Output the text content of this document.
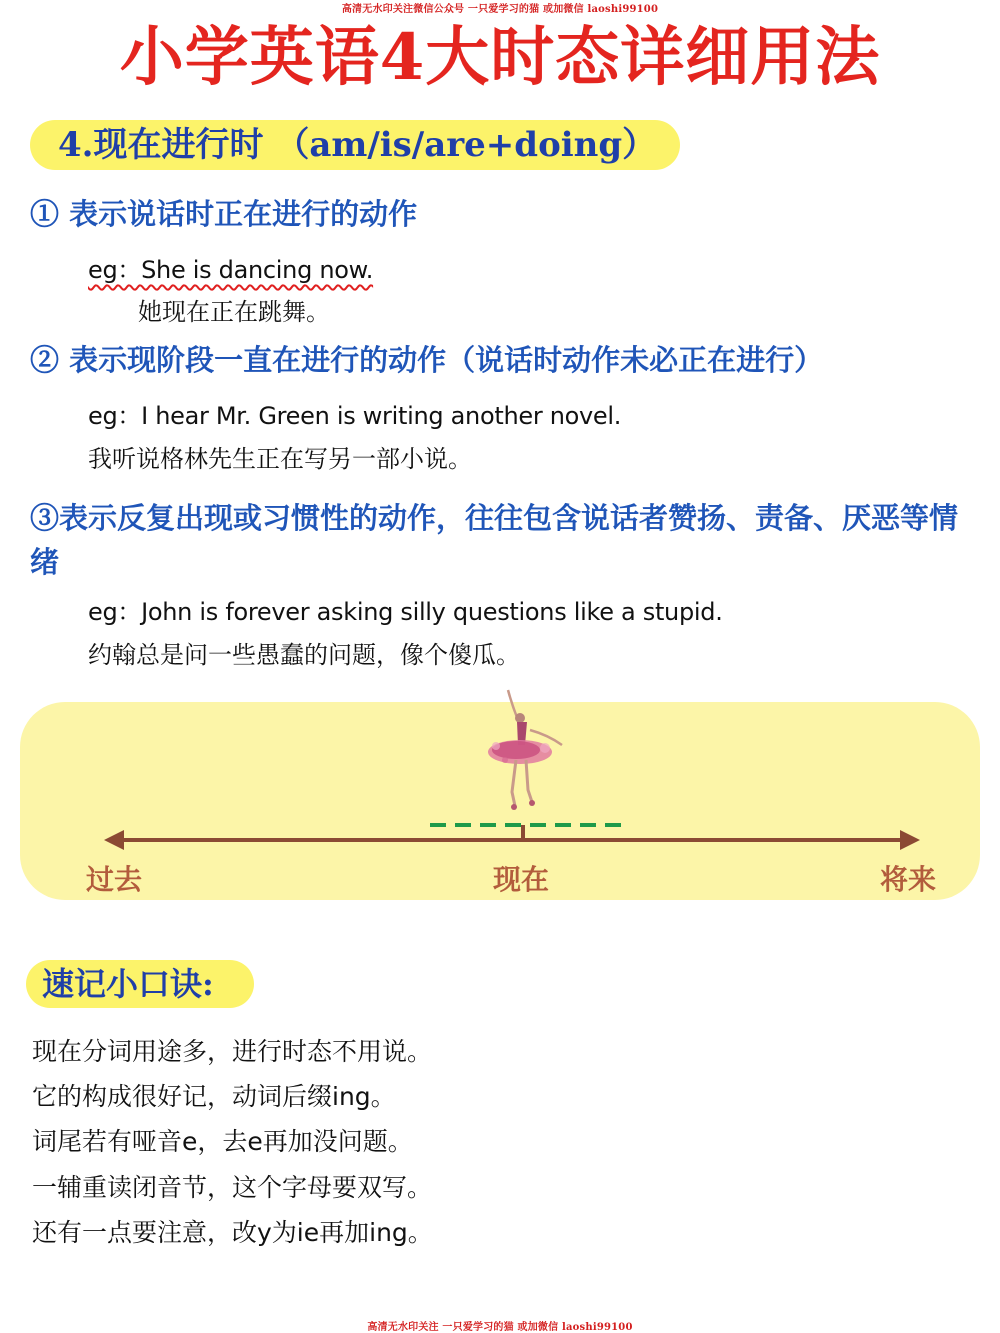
高清无水印关注微信公众号 一只爱学习的猫 或加微信 laoshi99100
小学英语4大时态详细用法
4.现在进行时 （am/is/are+doing）
① 表示说话时正在进行的动作
eg：She is dancing now.
她现在正在跳舞。
② 表示现阶段一直在进行的动作（说话时动作未必正在进行）
eg：I hear Mr. Green is writing another novel.
我听说格林先生正在写另一部小说。
③表示反复出现或习惯性的动作，往往包含说话者赞扬、责备、厌恶等情绪
eg：John is forever asking silly questions like a stupid.
约翰总是问一些愚蠢的问题，像个傻瓜。
过去	现在	将来
速记小口诀:
现在分词用途多，进行时态不用说。
它的构成很好记，动词后缀ing。
词尾若有哑音e，去e再加没问题。
一辅重读闭音节，这个字母要双写。
还有一点要注意，改y为ie再加ing。
高清无水印关注 一只爱学习的猫 或加微信 laoshi99100
